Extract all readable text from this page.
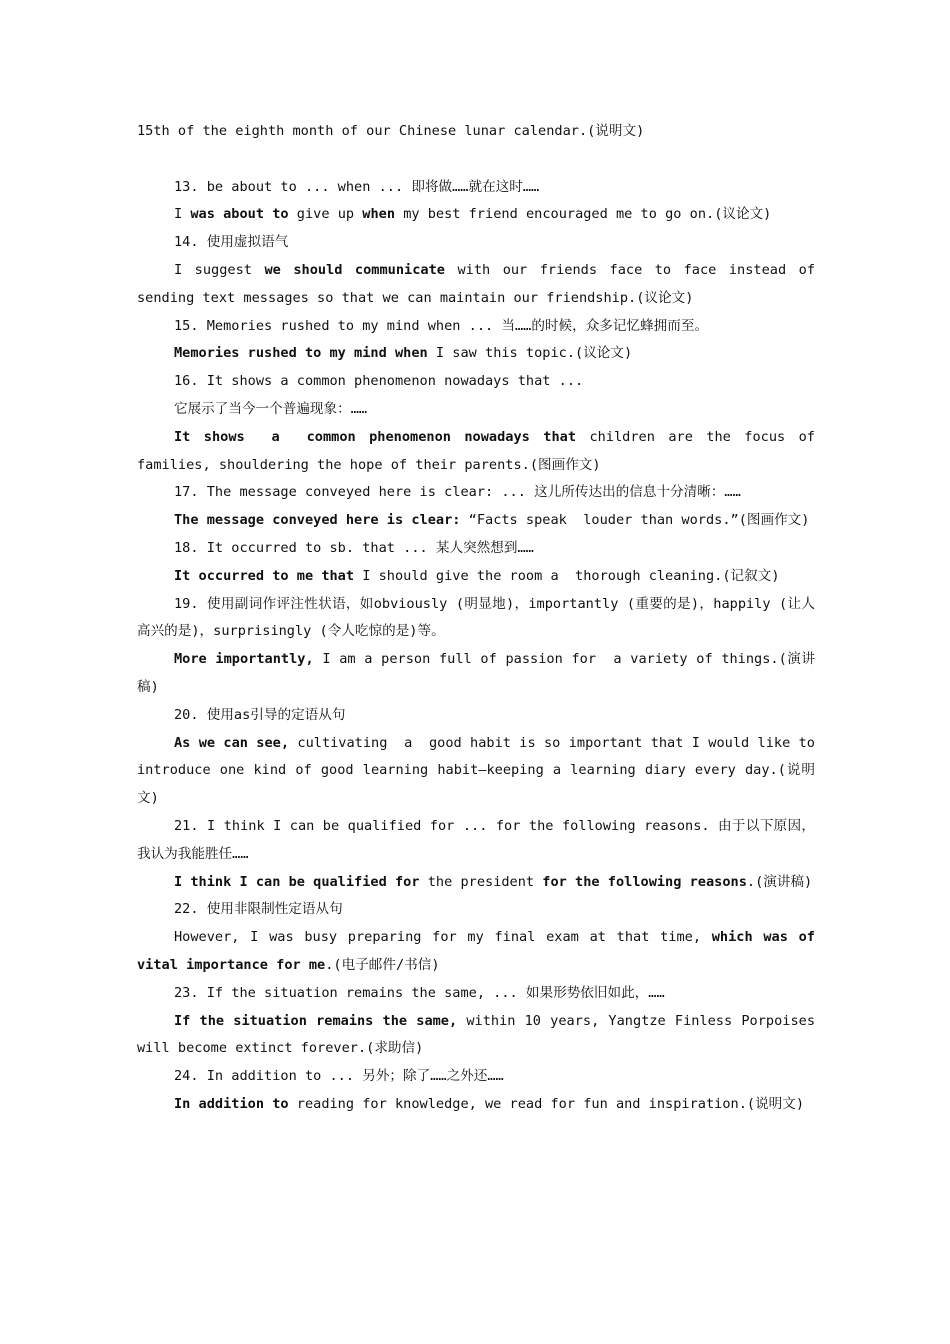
15th of the eighth month of our Chinese lunar calendar.(说明文)

13. be about to ... when ... 即将做……就在这时……

I was about to give up when my best friend encouraged me to go on.(议论文)

14. 使用虚拟语气

I suggest we should communicate with our friends face to face instead of sending text messages so that we can maintain our friendship.(议论文)

15. Memories rushed to my mind when ... 当……的时候，众多记忆蜂拥而至。

Memories rushed to my mind when I saw this topic.(议论文)

16. It shows a common phenomenon nowadays that ...

它展示了当今一个普遍现象：……

It shows  a  common phenomenon nowadays that children are the focus of families, shouldering the hope of their parents.(图画作文)

17. The message conveyed here is clear: ... 这儿所传达出的信息十分清晰：……

The message conveyed here is clear: “Facts speak  louder than words.”(图画作文)

18. It occurred to sb. that ... 某人突然想到……

It occurred to me that I should give the room a  thorough cleaning.(记叙文)

19. 使用副词作评注性状语，如obviously (明显地)，importantly (重要的是)，happily (让人高兴的是)，surprisingly (令人吃惊的是)等。

More importantly, I am a person full of passion for  a variety of things.(演讲稿)

20. 使用as引导的定语从句

As we can see, cultivating  a  good habit is so important that I would like to introduce one kind of good learning habit—keeping a learning diary every day.(说明文)

21. I think I can be qualified for ... for the following reasons. 由于以下原因，我认为我能胜任……

I think I can be qualified for the president for the following reasons.(演讲稿)

22. 使用非限制性定语从句

However, I was busy preparing for my final exam at that time, which was of vital importance for me.(电子邮件/书信)

23. If the situation remains the same, ... 如果形势依旧如此，……

If the situation remains the same, within 10 years, Yangtze Finless Porpoises will become extinct forever.(求助信)

24. In addition to ... 另外；除了……之外还……

In addition to reading for knowledge, we read for fun and inspiration.(说明文)
